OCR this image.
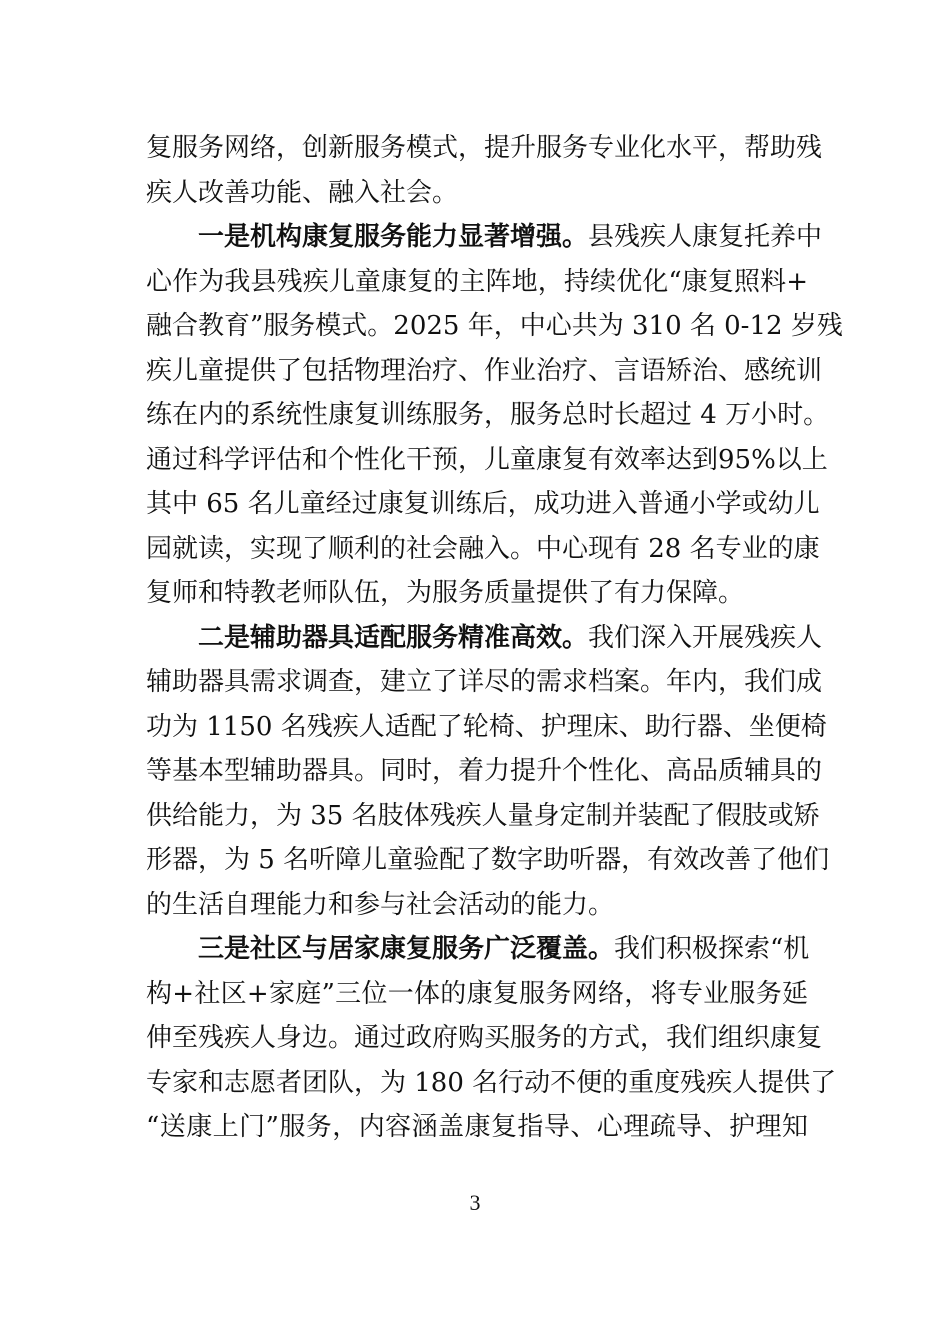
复服务网络，创新服务模式，提升服务专业化水平，帮助残
疾人改善功能、融入社会。
一是机构康复服务能力显著增强。县残疾人康复托养中
心作为我县残疾儿童康复的主阵地，持续优化“康复照料+
融合教育”服务模式。2025 年，中心共为 310 名 0-12 岁残
疾儿童提供了包括物理治疗、作业治疗、言语矫治、感统训
练在内的系统性康复训练服务，服务总时长超过 4 万小时。
通过科学评估和个性化干预，儿童康复有效率达到95%以上
其中 65 名儿童经过康复训练后，成功进入普通小学或幼儿
园就读，实现了顺利的社会融入。中心现有 28 名专业的康
复师和特教老师队伍，为服务质量提供了有力保障。
二是辅助器具适配服务精准高效。我们深入开展残疾人
辅助器具需求调查，建立了详尽的需求档案。年内，我们成
功为 1150 名残疾人适配了轮椅、护理床、助行器、坐便椅
等基本型辅助器具。同时，着力提升个性化、高品质辅具的
供给能力，为 35 名肢体残疾人量身定制并装配了假肢或矫
形器，为 5 名听障儿童验配了数字助听器，有效改善了他们
的生活自理能力和参与社会活动的能力。
三是社区与居家康复服务广泛覆盖。我们积极探索“机
构+社区+家庭”三位一体的康复服务网络，将专业服务延
伸至残疾人身边。通过政府购买服务的方式，我们组织康复
专家和志愿者团队，为 180 名行动不便的重度残疾人提供了
“送康上门”服务，内容涵盖康复指导、心理疏导、护理知
3
